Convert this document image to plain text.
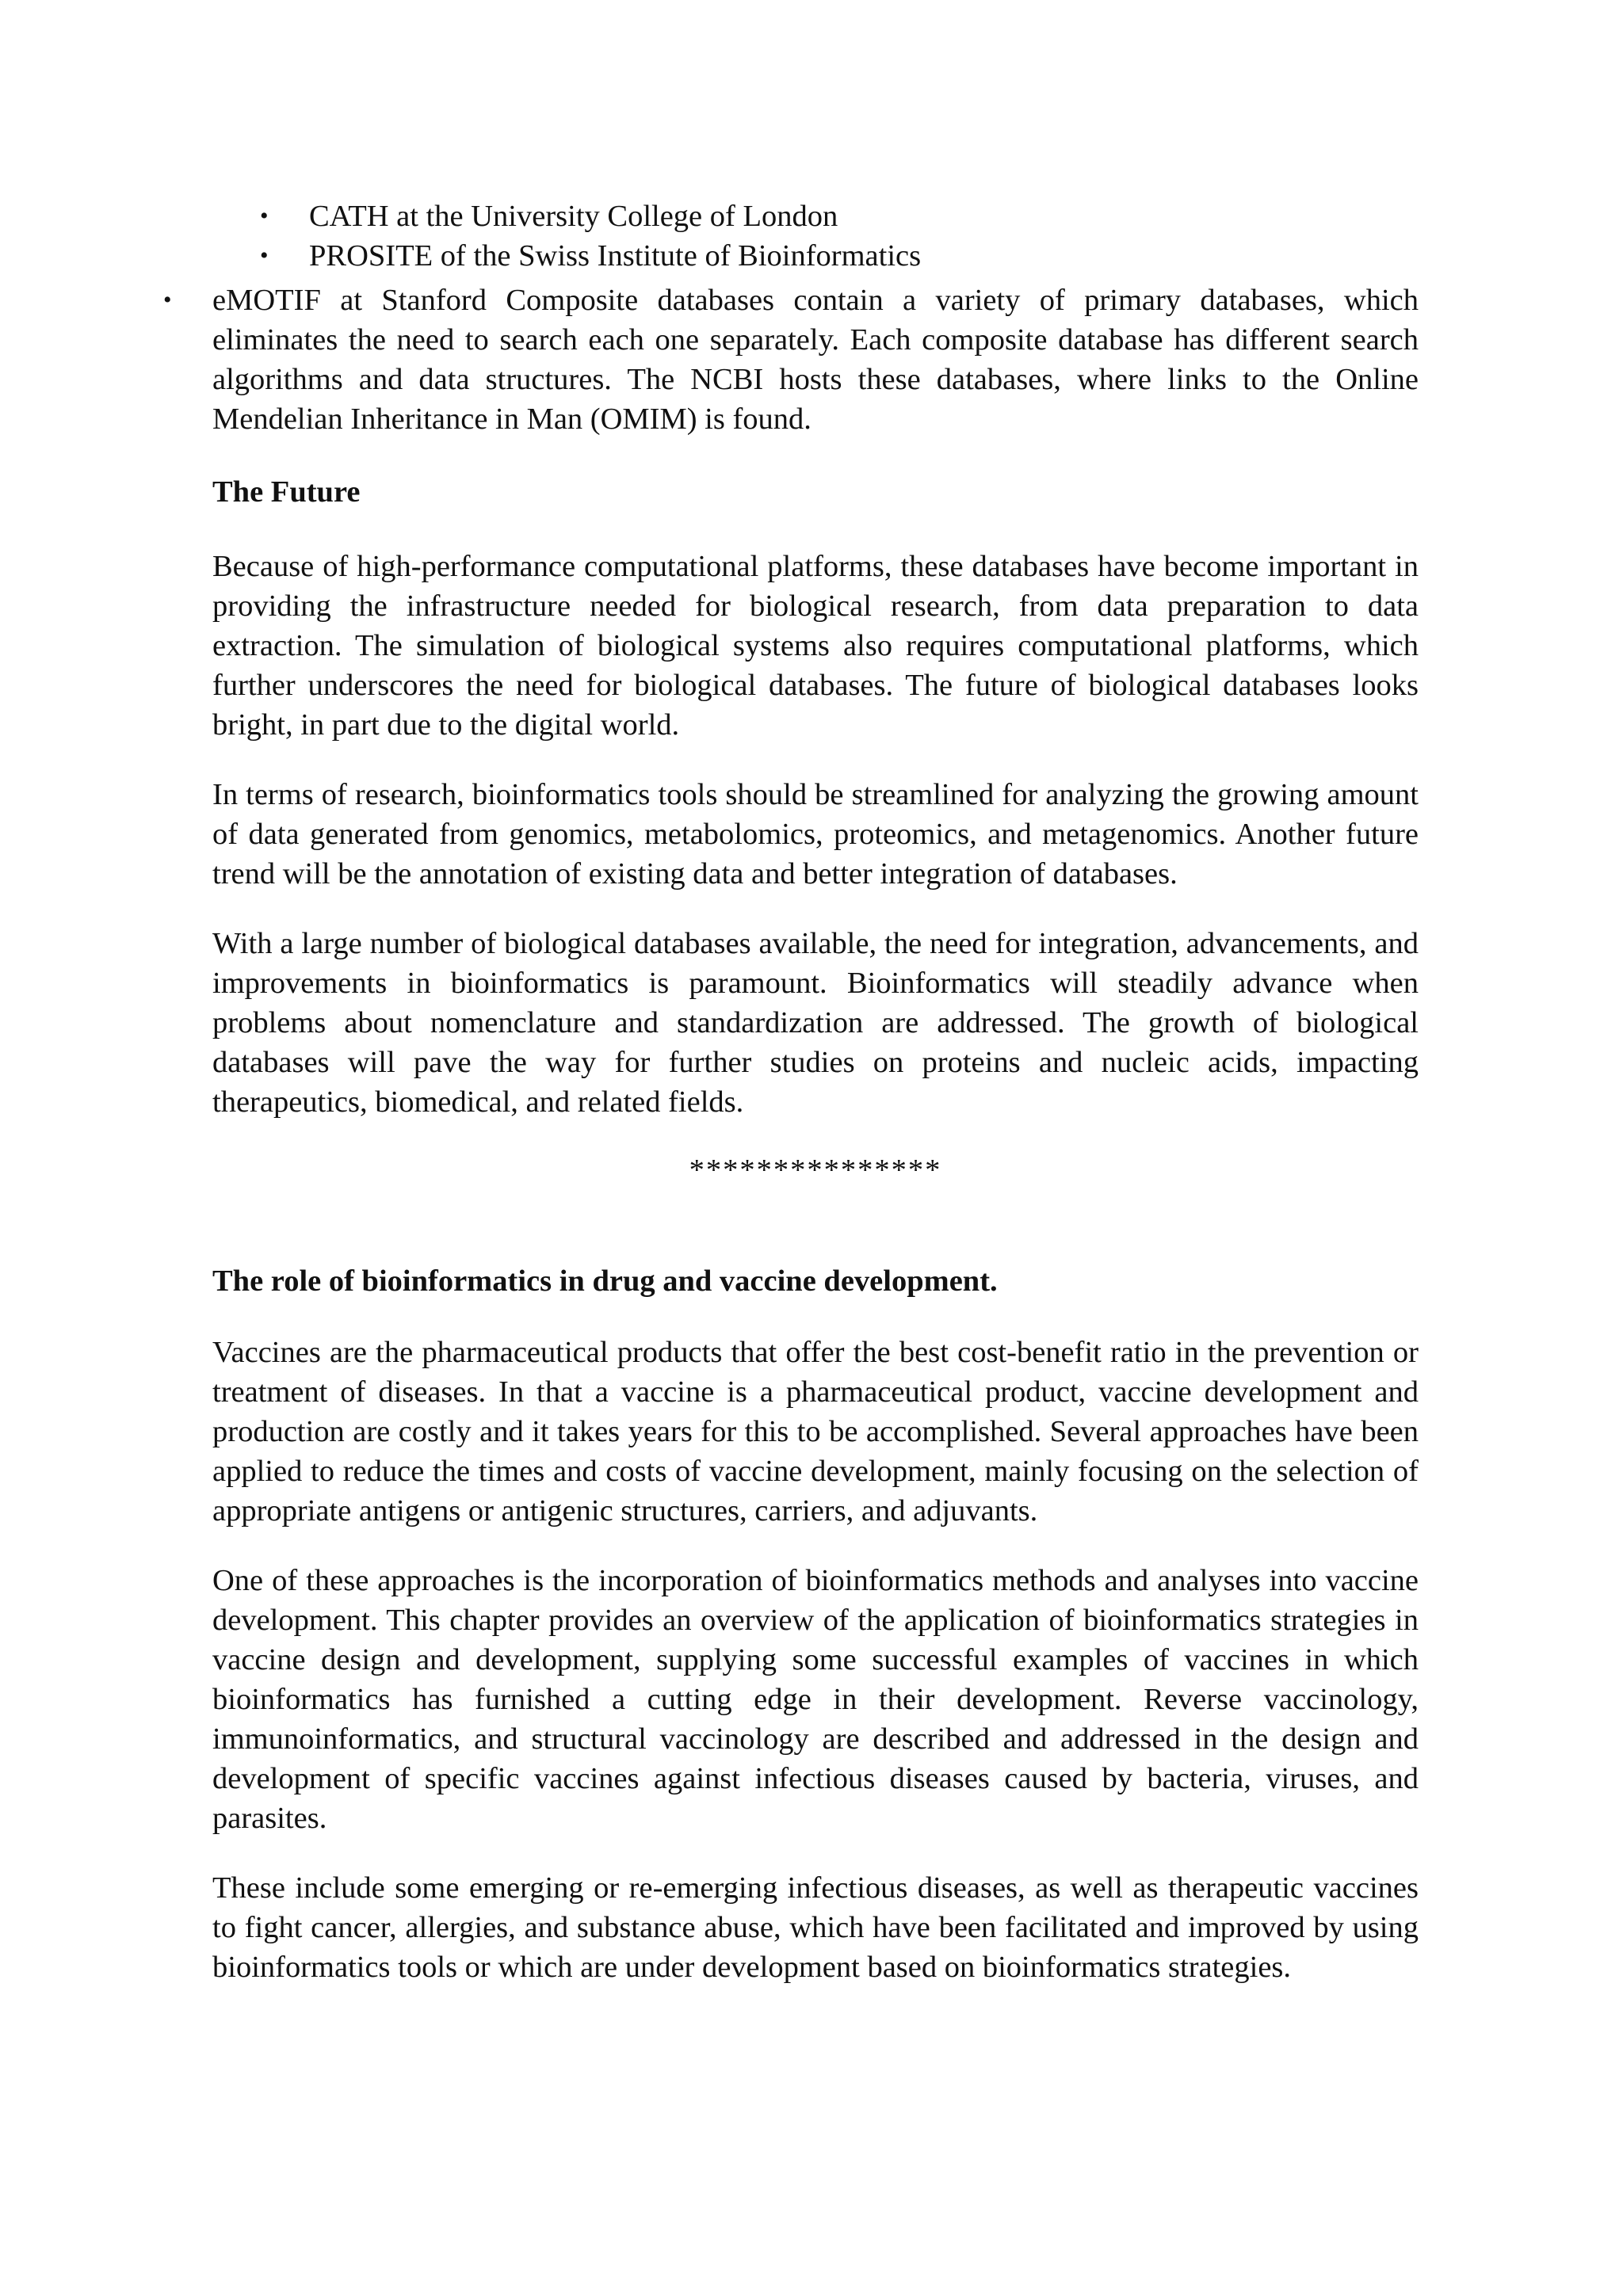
• CATH at the University College of London
• PROSITE of the Swiss Institute of Bioinformatics
• eMOTIF at Stanford Composite databases contain a variety of primary databases, which eliminates the need to search each one separately. Each composite database has different search algorithms and data structures. The NCBI hosts these databases, where links to the Online Mendelian Inheritance in Man (OMIM) is found.
The Future

Because of high-performance computational platforms, these databases have become important in providing the infrastructure needed for biological research, from data preparation to data extraction. The simulation of biological systems also requires computational platforms, which further underscores the need for biological databases. The future of biological databases looks bright, in part due to the digital world.

In terms of research, bioinformatics tools should be streamlined for analyzing the growing amount of data generated from genomics, metabolomics, proteomics, and metagenomics. Another future trend will be the annotation of existing data and better integration of databases.

With a large number of biological databases available, the need for integration, advancements, and improvements in bioinformatics is paramount. Bioinformatics will steadily advance when problems about nomenclature and standardization are addressed. The growth of biological databases will pave the way for further studies on proteins and nucleic acids, impacting therapeutics, biomedical, and related fields.

***************

The role of bioinformatics in drug and vaccine development.

Vaccines are the pharmaceutical products that offer the best cost-benefit ratio in the prevention or treatment of diseases. In that a vaccine is a pharmaceutical product, vaccine development and production are costly and it takes years for this to be accomplished. Several approaches have been applied to reduce the times and costs of vaccine development, mainly focusing on the selection of appropriate antigens or antigenic structures, carriers, and adjuvants.

One of these approaches is the incorporation of bioinformatics methods and analyses into vaccine development. This chapter provides an overview of the application of bioinformatics strategies in vaccine design and development, supplying some successful examples of vaccines in which bioinformatics has furnished a cutting edge in their development. Reverse vaccinology, immunoinformatics, and structural vaccinology are described and addressed in the design and development of specific vaccines against infectious diseases caused by bacteria, viruses, and parasites.

These include some emerging or re-emerging infectious diseases, as well as therapeutic vaccines to fight cancer, allergies, and substance abuse, which have been facilitated and improved by using bioinformatics tools or which are under development based on bioinformatics strategies.
